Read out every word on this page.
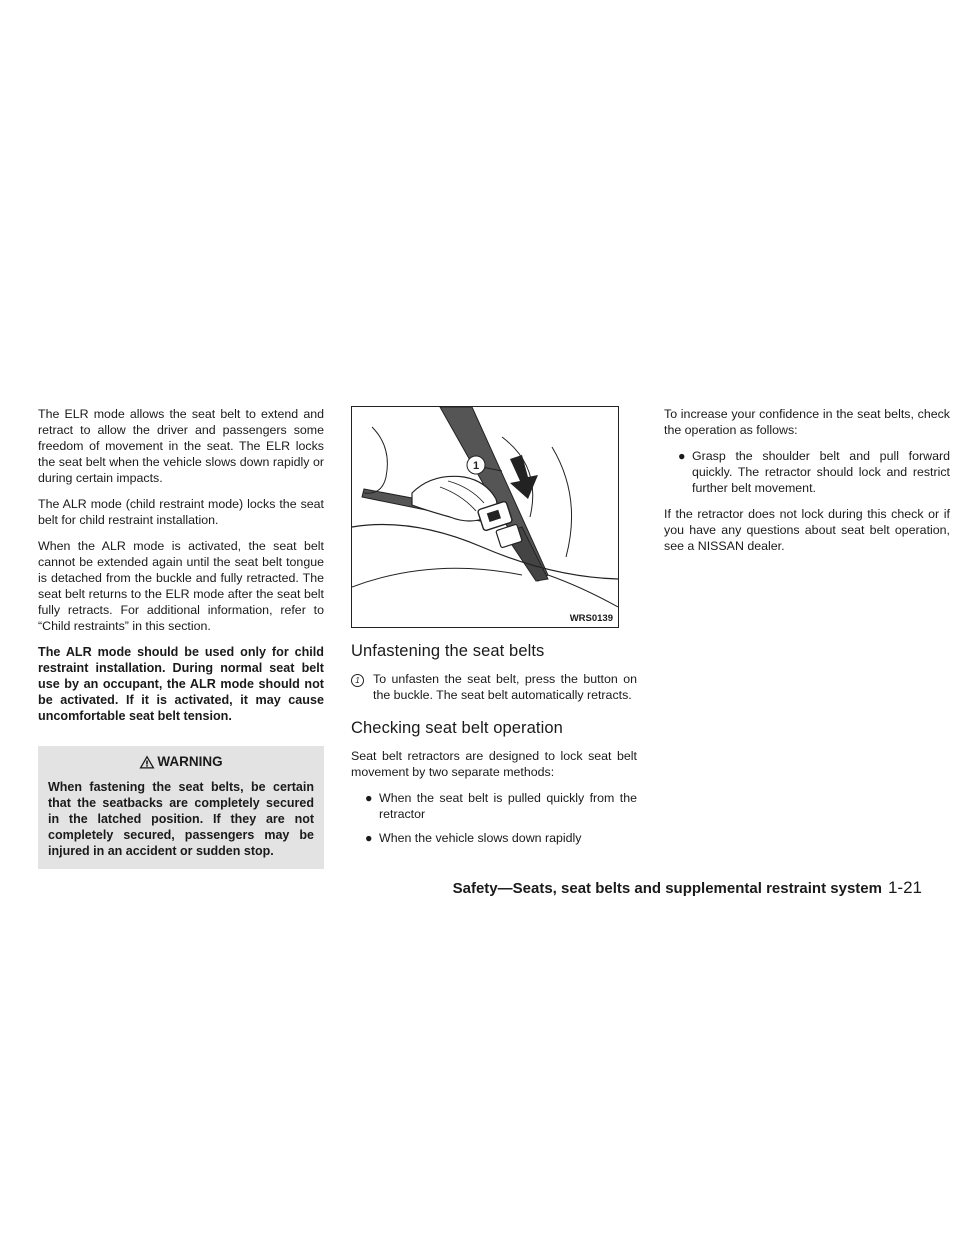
The ELR mode allows the seat belt to extend and retract to allow the driver and passengers some freedom of movement in the seat. The ELR locks the seat belt when the vehicle slows down rapidly or during certain impacts.

The ALR mode (child restraint mode) locks the seat belt for child restraint installation.

When the ALR mode is activated, the seat belt cannot be extended again until the seat belt tongue is detached from the buckle and fully retracted. The seat belt returns to the ELR mode after the seat belt fully retracts. For additional information, refer to “Child restraints” in this section.

The ALR mode should be used only for child restraint installation. During normal seat belt use by an occupant, the ALR mode should not be activated. If it is activated, it may cause uncomfortable seat belt tension.

WARNING

When fastening the seat belts, be certain that the seatbacks are completely secured in the latched position. If they are not completely secured, passengers may be injured in an accident or sudden stop.

1
WRS0139
Unfastening the seat belts
1	To unfasten the seat belt, press the button on the buckle. The seat belt automatically retracts.
Checking seat belt operation

Seat belt retractors are designed to lock seat belt movement by two separate methods:

● When the seat belt is pulled quickly from the retractor
● When the vehicle slows down rapidly

To increase your confidence in the seat belts, check the operation as follows:

● Grasp the shoulder belt and pull forward quickly. The retractor should lock and restrict further belt movement.

If the retractor does not lock during this check or if you have any questions about seat belt operation, see a NISSAN dealer.

Safety—Seats, seat belts and supplemental restraint system 1-21
